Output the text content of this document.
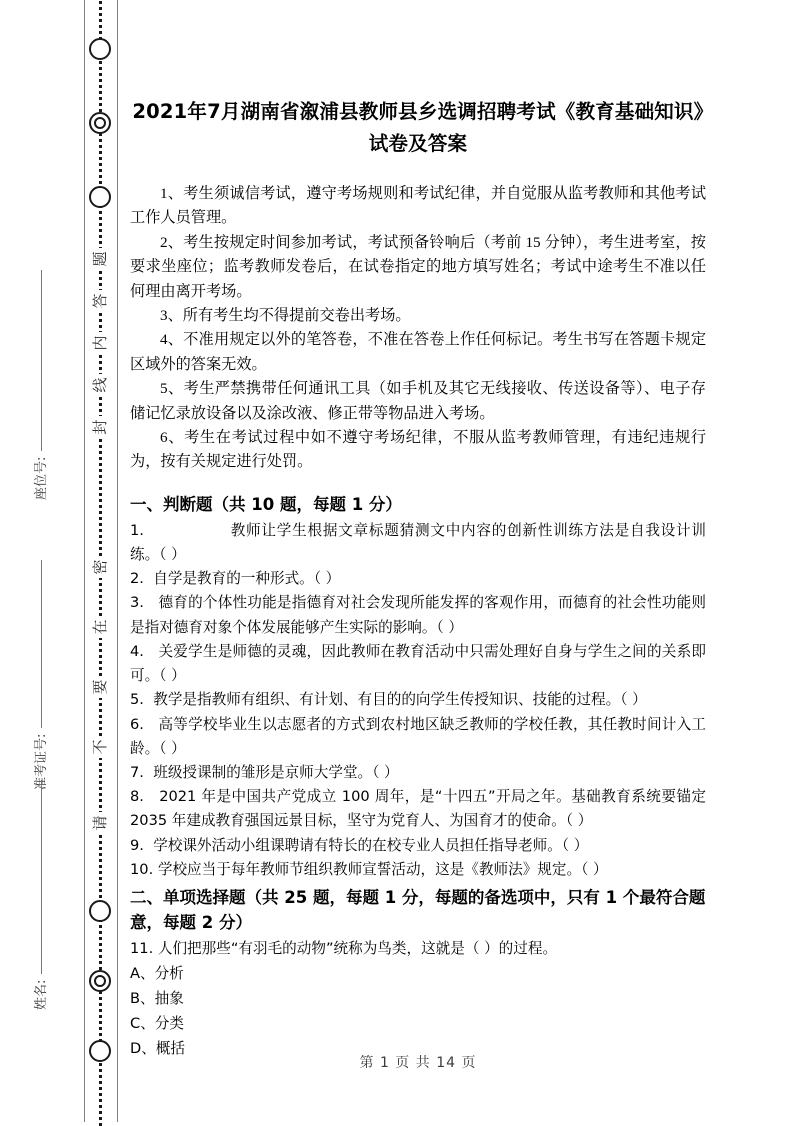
题
答
内
线
封
密
在
要
不
请
座位号:
准考证号:
姓名:
2021年7月湖南省溆浦县教师县乡选调招聘考试《教育基础知识》试卷及答案
1、考生须诚信考试，遵守考场规则和考试纪律，并自觉服从监考教师和其他考试工作人员管理。
2、考生按规定时间参加考试，考试预备铃响后（考前 15 分钟），考生进考室，按要求坐座位；监考教师发卷后，在试卷指定的地方填写姓名；考试中途考生不准以任何理由离开考场。
3、所有考生均不得提前交卷出考场。
4、不准用规定以外的笔答卷，不准在答卷上作任何标记。考生书写在答题卡规定区域外的答案无效。
5、考生严禁携带任何通讯工具（如手机及其它无线接收、传送设备等）、电子存储记忆录放设备以及涂改液、修正带等物品进入考场。
6、考生在考试过程中如不遵守考场纪律，不服从监考教师管理，有违纪违规行为，按有关规定进行处罚。
一、判断题（共 10 题，每题 1 分）

1.	教师让学生根据文章标题猜测文中内容的创新性训练方法是自我设计训练。（ ）

2. 自学是教育的一种形式。（ ）

3. 德育的个体性功能是指德育对社会发现所能发挥的客观作用，而德育的社会性功能则是指对德育对象个体发展能够产生实际的影响。（ ）

4. 关爱学生是师德的灵魂，因此教师在教育活动中只需处理好自身与学生之间的关系即可。（ ）

5. 教学是指教师有组织、有计划、有目的的向学生传授知识、技能的过程。（ ）

6. 高等学校毕业生以志愿者的方式到农村地区缺乏教师的学校任教，其任教时间计入工龄。（ ）

7. 班级授课制的雏形是京师大学堂。（ ）

8. 2021 年是中国共产党成立 100 周年，是“十四五”开局之年。基础教育系统要锚定 2035 年建成教育强国远景目标，坚守为党育人、为国育才的使命。（ ）

9. 学校课外活动小组课聘请有特长的在校专业人员担任指导老师。（ ）

10. 学校应当于每年教师节组织教师宣誓活动，这是《教师法》规定。（ ）

二、单项选择题（共 25 题，每题 1 分，每题的备选项中，只有 1 个最符合题意，每题 2 分）

11. 人们把那些“有羽毛的动物”统称为鸟类，这就是（ ）的过程。

A、分析

B、抽象

C、分类

D、概括

第 1 页 共 14 页
